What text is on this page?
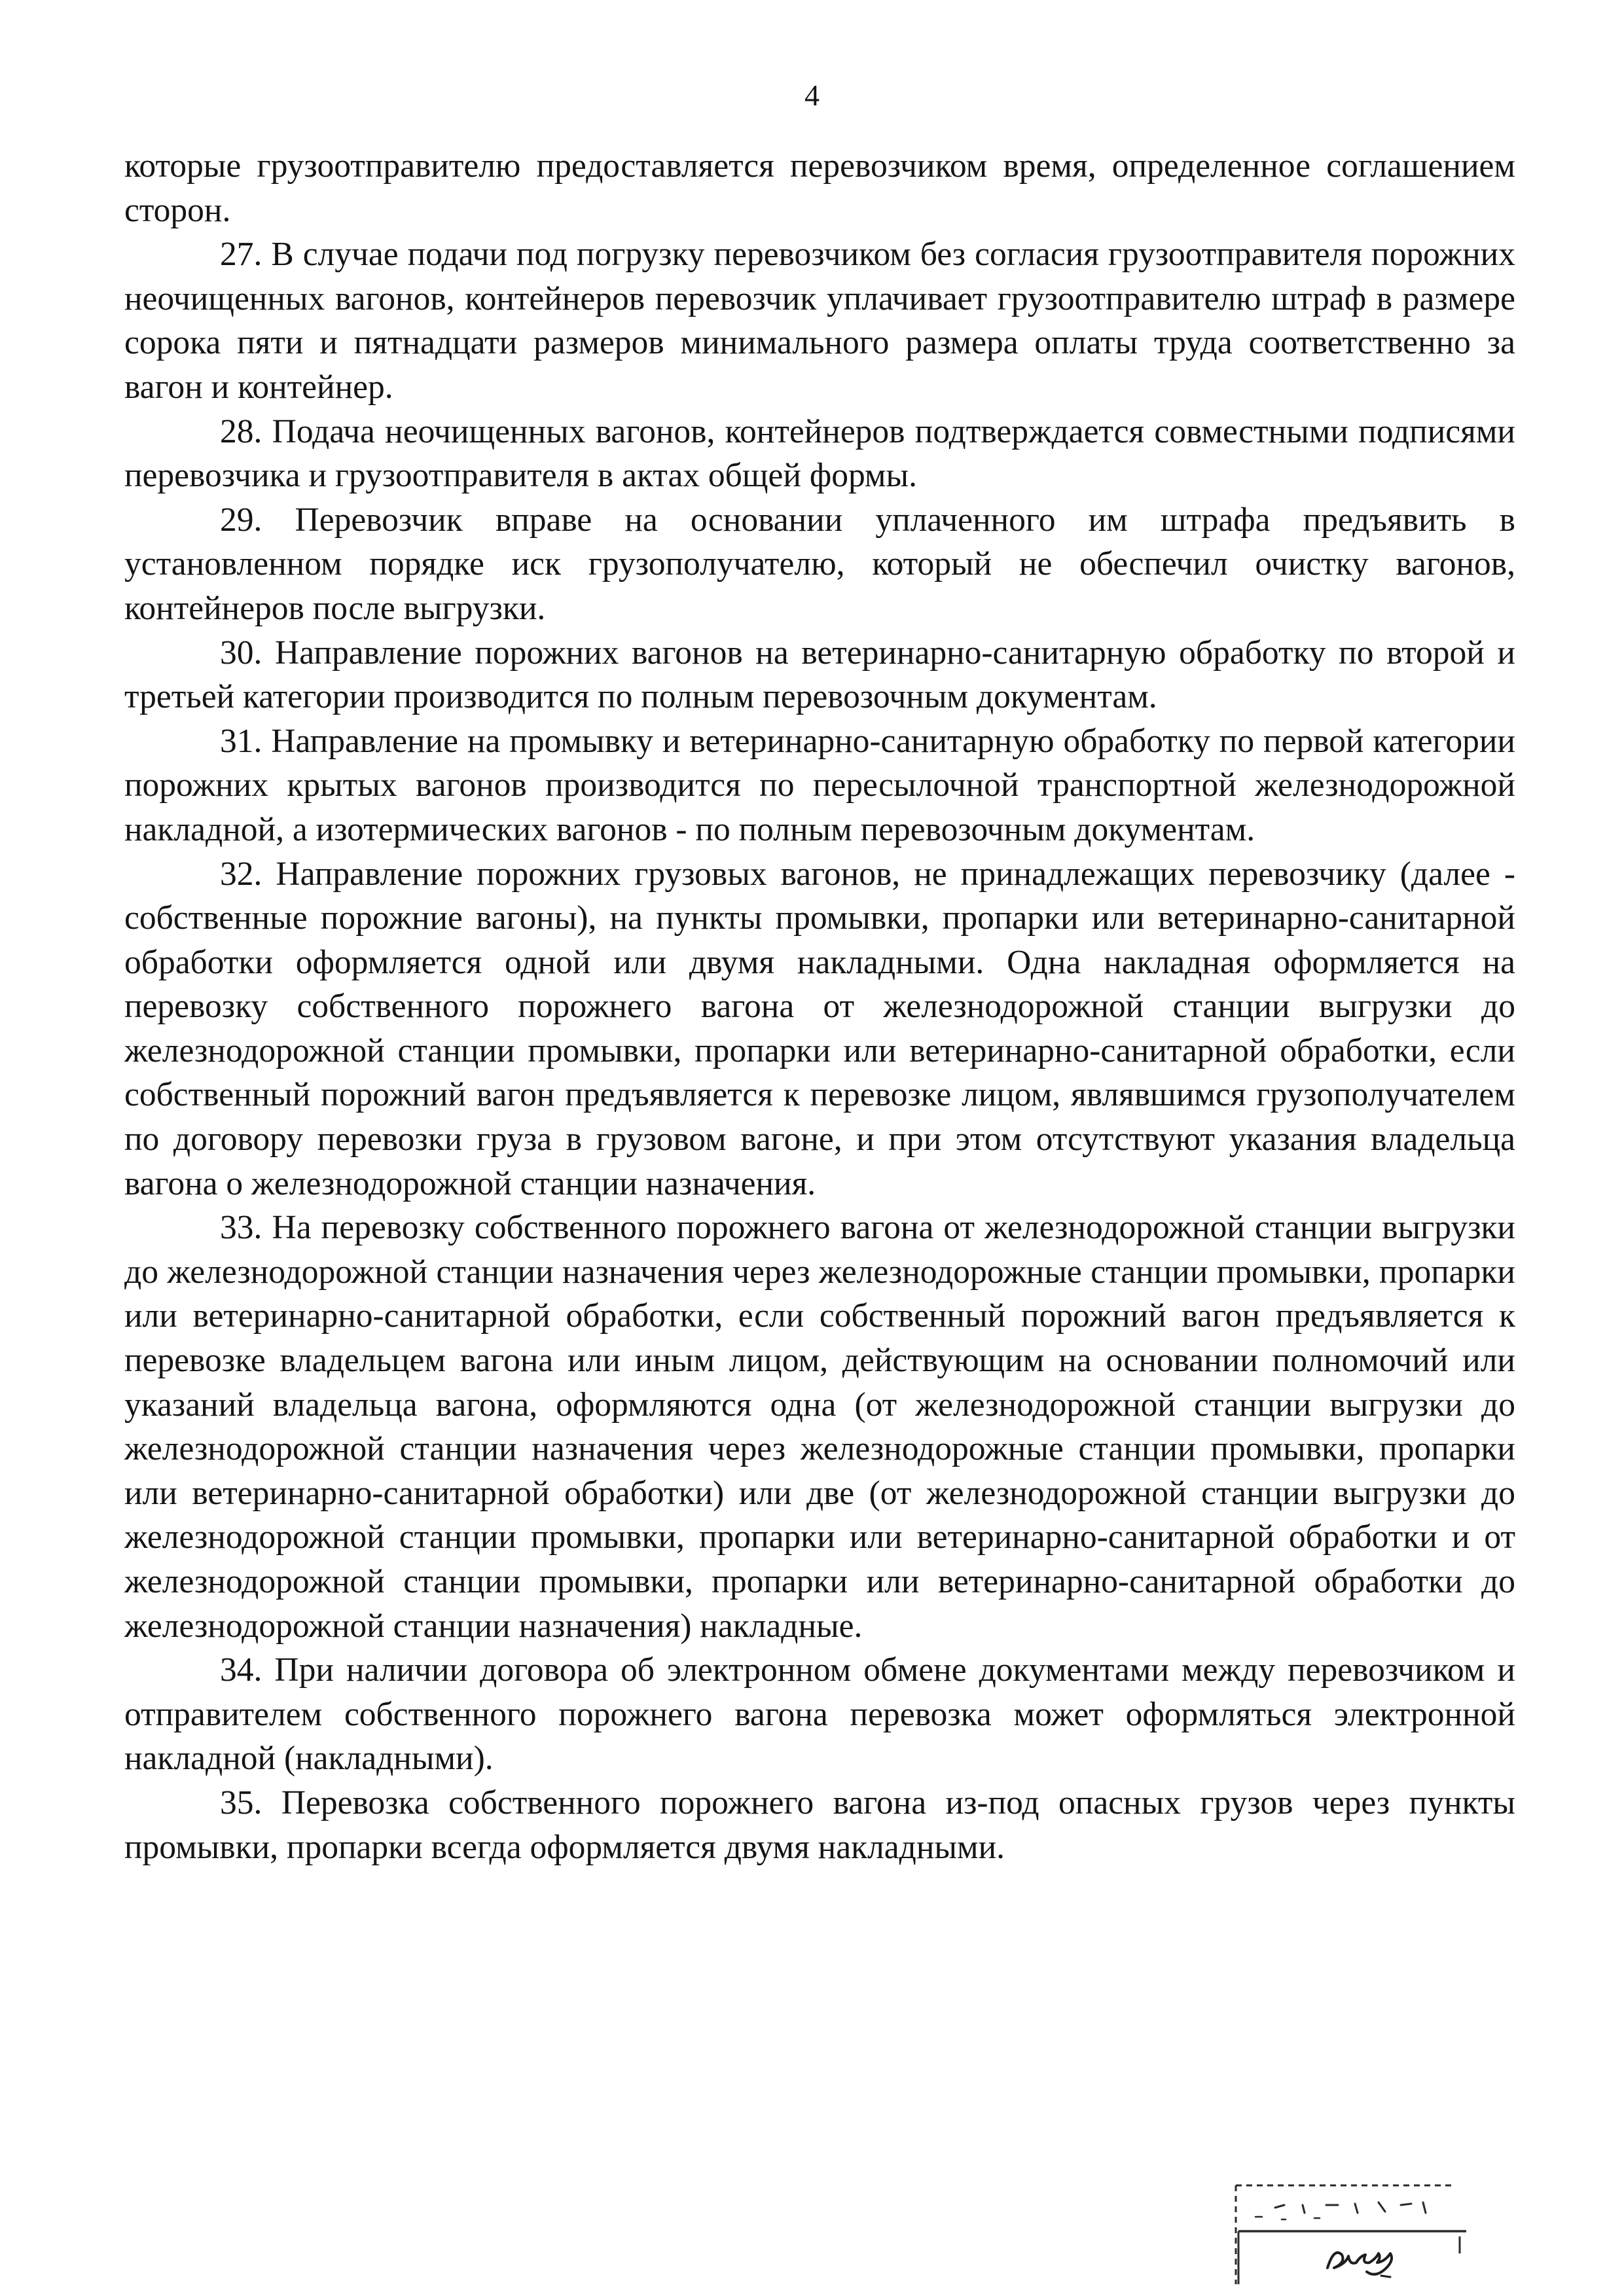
4

которые грузоотправителю предоставляется перевозчиком время, определенное соглашением сторон.

27. В случае подачи под погрузку перевозчиком без согласия грузоотправителя порожних неочищенных вагонов, контейнеров перевозчик уплачивает грузоотправителю штраф в размере сорока пяти и пятнадцати размеров минимального размера оплаты труда соответственно за вагон и контейнер.

28. Подача неочищенных вагонов, контейнеров подтверждается совместными подписями перевозчика и грузоотправителя в актах общей формы.

29. Перевозчик вправе на основании уплаченного им штрафа предъявить в установленном порядке иск грузополучателю, который не обеспечил очистку вагонов, контейнеров после выгрузки.

30. Направление порожних вагонов на ветеринарно-санитарную обработку по второй и третьей категории производится по полным перевозочным документам.

31. Направление на промывку и ветеринарно-санитарную обработку по первой категории порожних крытых вагонов производится по пересылочной транспортной железнодорожной накладной, а изотермических вагонов - по полным перевозочным документам.

32. Направление порожних грузовых вагонов, не принадлежащих перевозчику (далее - собственные порожние вагоны), на пункты промывки, пропарки или ветеринарно-санитарной обработки оформляется одной или двумя накладными. Одна накладная оформляется на перевозку собственного порожнего вагона от железнодорожной станции выгрузки до железнодорожной станции промывки, пропарки или ветеринарно-санитарной обработки, если собственный порожний вагон предъявляется к перевозке лицом, являвшимся грузополучателем по договору перевозки груза в грузовом вагоне, и при этом отсутствуют указания владельца вагона о железнодорожной станции назначения.

33. На перевозку собственного порожнего вагона от железнодорожной станции выгрузки до железнодорожной станции назначения через железнодорожные станции промывки, пропарки или ветеринарно-санитарной обработки, если собственный порожний вагон предъявляется к перевозке владельцем вагона или иным лицом, действующим на основании полномочий или указаний владельца вагона, оформляются одна (от железнодорожной станции выгрузки до железнодорожной станции назначения через железнодорожные станции промывки, пропарки или ветеринарно-санитарной обработки) или две (от железнодорожной станции выгрузки до железнодорожной станции промывки, пропарки или ветеринарно-санитарной обработки и от железнодорожной станции промывки, пропарки или ветеринарно-санитарной обработки до железнодорожной станции назначения) накладные.

34. При наличии договора об электронном обмене документами между перевозчиком и отправителем собственного порожнего вагона перевозка может оформляться электронной накладной (накладными).

35. Перевозка собственного порожнего вагона из-под опасных грузов через пункты промывки, пропарки всегда оформляется двумя накладными.
